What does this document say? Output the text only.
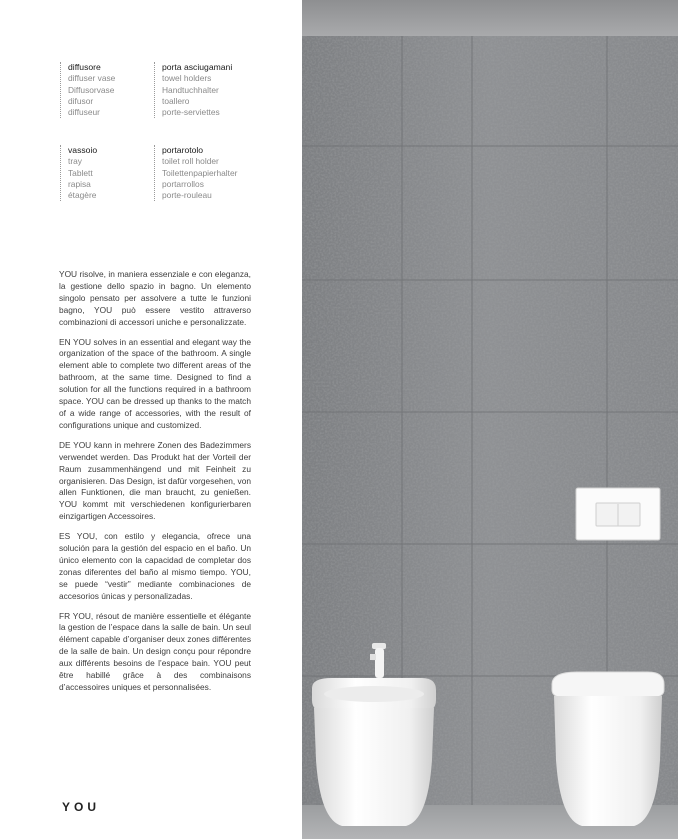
diffusore
diffuser vase
Diffusorvase
difusor
diffuseur
porta asciugamani
towel holders
Handtuchhalter
toallero
porte-serviettes
vassoio
tray
Tablett
rapisa
étagère
portarotolo
toilet roll holder
Toilettenpapierhalter
portarrollos
porte-rouleau

YOU risolve, in maniera essenziale e con eleganza, la gestione dello spazio in bagno. Un elemento singolo pensato per assolvere a tutte le funzioni bagno, YOU può essere vestito attraverso combinazioni di accessori uniche e personalizzate.

EN YOU solves in an essential and elegant way the organization of the space of the bathroom. A single element able to complete two different areas of the bathroom, at the same time. Designed to find a solution for all the functions required in a bathroom space. YOU can be dressed up thanks to the match of a wide range of accessories, with the result of configurations unique and customized.

DE YOU kann in mehrere Zonen des Badezimmers verwendet werden. Das Produkt hat der Vorteil der Raum zusammenhängend und mit Feinheit zu organisieren. Das Design, ist dafür vorgesehen, von allen Funktionen, die man braucht, zu genießen. YOU kommt mit verschiedenen konfigurierbaren einzigartigen Accessoires.

ES YOU, con estilo y elegancia, ofrece una solución para la gestión del espacio en el baño. Un único elemento con la capacidad de completar dos zonas diferentes del baño al mismo tiempo. YOU, se puede “vestir” mediante combinaciones de accesorios únicas y personalizadas.

FR YOU, résout de manière essentielle et élégante la gestion de l’espace dans la salle de bain. Un seul élément capable d’organiser deux zones différentes de la salle de bain. Un design conçu pour répondre aux différents besoins de l’espace bain. YOU peut être habillé grâce à des combinaisons d’accessoires uniques et personnalisées.

YOU
